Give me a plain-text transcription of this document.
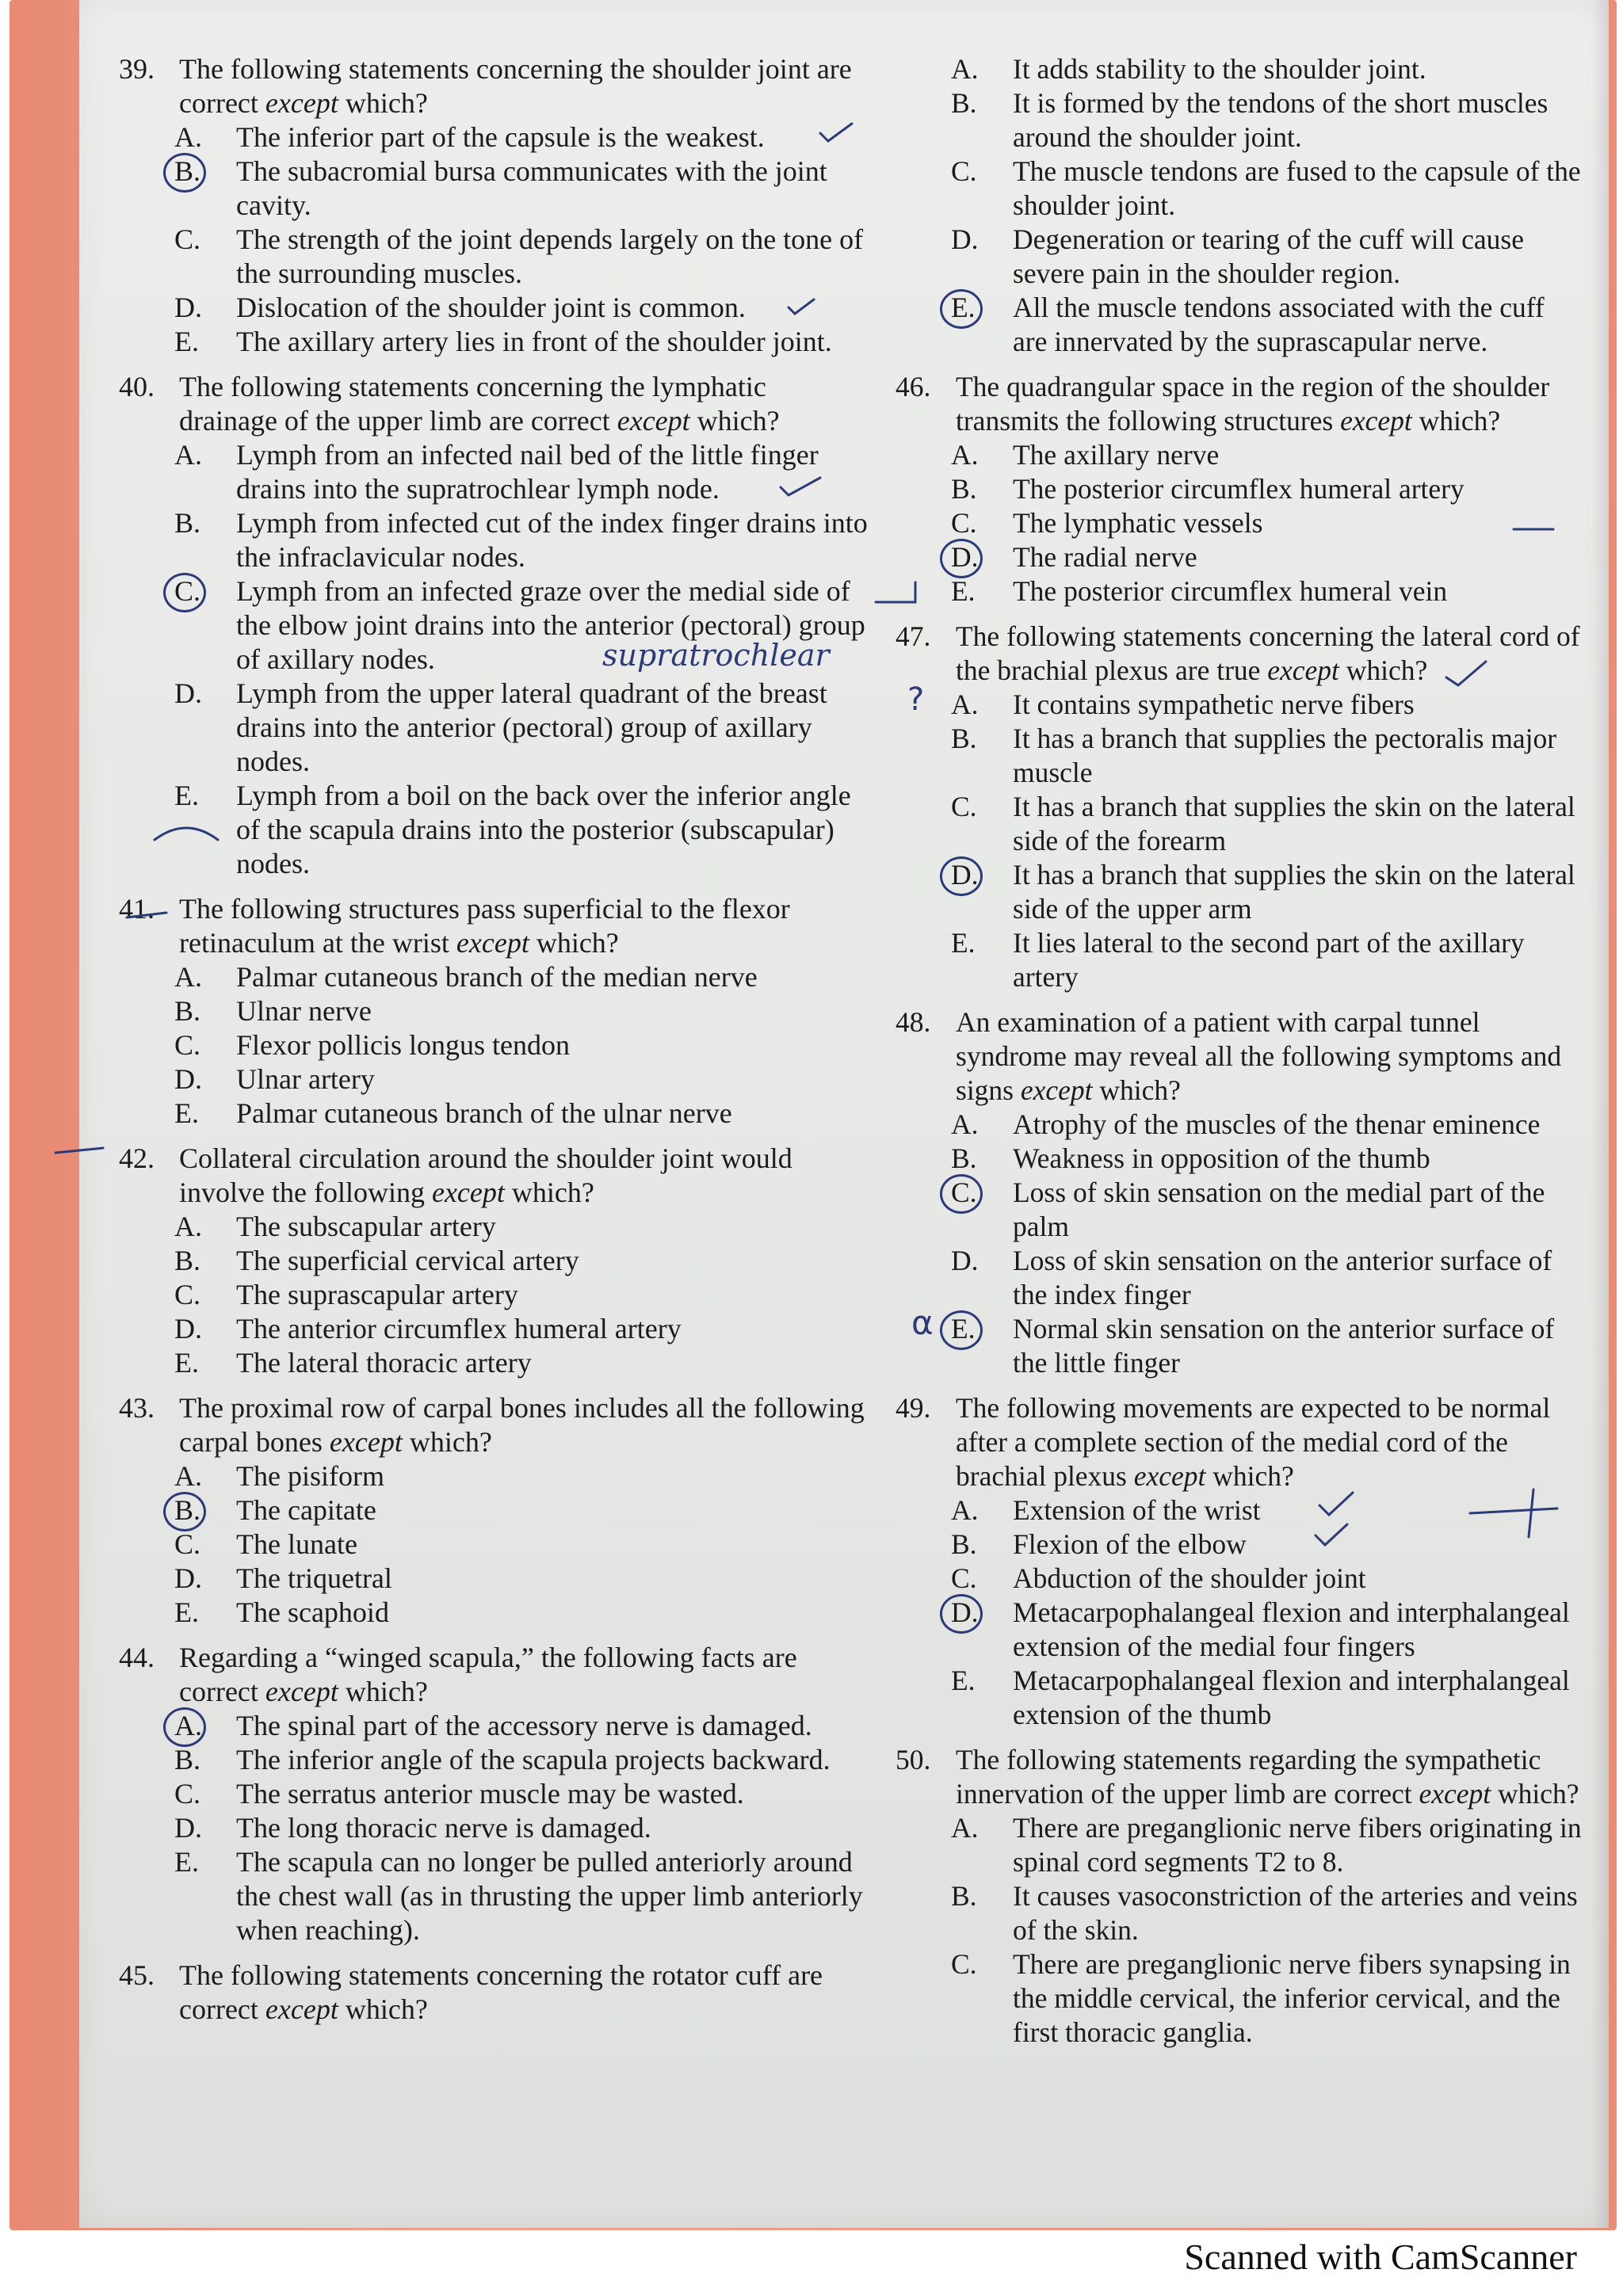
39. The following statements concerning the shoulder joint are correct except which?
A.	The inferior part of the capsule is the weakest.
B.	The subacromial bursa communicates with the joint cavity.
C.	The strength of the joint depends largely on the tone of the surrounding muscles.
D.	Dislocation of the shoulder joint is common.
E.	The axillary artery lies in front of the shoulder joint.
40. The following statements concerning the lymphatic drainage of the upper limb are correct except which?
A.	Lymph from an infected nail bed of the little finger drains into the supratrochlear lymph node.
B.	Lymph from infected cut of the index finger drains into the infraclavicular nodes.
C.	Lymph from an infected graze over the medial side of the elbow joint drains into the anterior (pectoral) group of axillary nodes.
D.	Lymph from the upper lateral quadrant of the breast drains into the anterior (pectoral) group of axillary nodes.
E.	Lymph from a boil on the back over the inferior angle of the scapula drains into the posterior (subscapular) nodes.
41. The following structures pass superficial to the flexor retinaculum at the wrist except which?
A.	Palmar cutaneous branch of the median nerve
B.	Ulnar nerve
C.	Flexor pollicis longus tendon
D.	Ulnar artery
E.	Palmar cutaneous branch of the ulnar nerve
42. Collateral circulation around the shoulder joint would involve the following except which?
A.	The subscapular artery
B.	The superficial cervical artery
C.	The suprascapular artery
D.	The anterior circumflex humeral artery
E.	The lateral thoracic artery
43. The proximal row of carpal bones includes all the following carpal bones except which?
A.	The pisiform
B.	The capitate
C.	The lunate
D.	The triquetral
E.	The scaphoid
44. Regarding a “winged scapula,” the following facts are correct except which?
A.	The spinal part of the accessory nerve is damaged.
B.	The inferior angle of the scapula projects backward.
C.	The serratus anterior muscle may be wasted.
D.	The long thoracic nerve is damaged.
E.	The scapula can no longer be pulled anteriorly around the chest wall (as in thrusting the upper limb anteriorly when reaching).
45. The following statements concerning the rotator cuff are correct except which?
A.	It adds stability to the shoulder joint.
B.	It is formed by the tendons of the short muscles around the shoulder joint.
C.	The muscle tendons are fused to the capsule of the shoulder joint.
D.	Degeneration or tearing of the cuff will cause severe pain in the shoulder region.
E.	All the muscle tendons associated with the cuff are innervated by the suprascapular nerve.
46. The quadrangular space in the region of the shoulder transmits the following structures except which?
A.	The axillary nerve
B.	The posterior circumflex humeral artery
C.	The lymphatic vessels
D.	The radial nerve
E.	The posterior circumflex humeral vein
47. The following statements concerning the lateral cord of the brachial plexus are true except which?
A.	It contains sympathetic nerve fibers
B.	It has a branch that supplies the pectoralis major muscle
C.	It has a branch that supplies the skin on the lateral side of the forearm
D.	It has a branch that supplies the skin on the lateral side of the upper arm
E.	It lies lateral to the second part of the axillary artery
48. An examination of a patient with carpal tunnel syndrome may reveal all the following symptoms and signs except which?
A.	Atrophy of the muscles of the thenar eminence
B.	Weakness in opposition of the thumb
C.	Loss of skin sensation on the medial part of the palm
D.	Loss of skin sensation on the anterior surface of the index finger
E.	Normal skin sensation on the anterior surface of the little finger
49. The following movements are expected to be normal after a complete section of the medial cord of the brachial plexus except which?
A.	Extension of the wrist
B.	Flexion of the elbow
C.	Abduction of the shoulder joint
D.	Metacarpophalangeal flexion and interphalangeal extension of the medial four fingers
E.	Metacarpophalangeal flexion and interphalangeal extension of the thumb
50. The following statements regarding the sympathetic innervation of the upper limb are correct except which?
A.	There are preganglionic nerve fibers originating in spinal cord segments T2 to 8.
B.	It causes vasoconstriction of the arteries and veins of the skin.
C.	There are preganglionic nerve fibers synapsing in the middle cervical, the inferior cervical, and the first thoracic ganglia.
supratrochlear
?
α
Scanned with CamScanner
